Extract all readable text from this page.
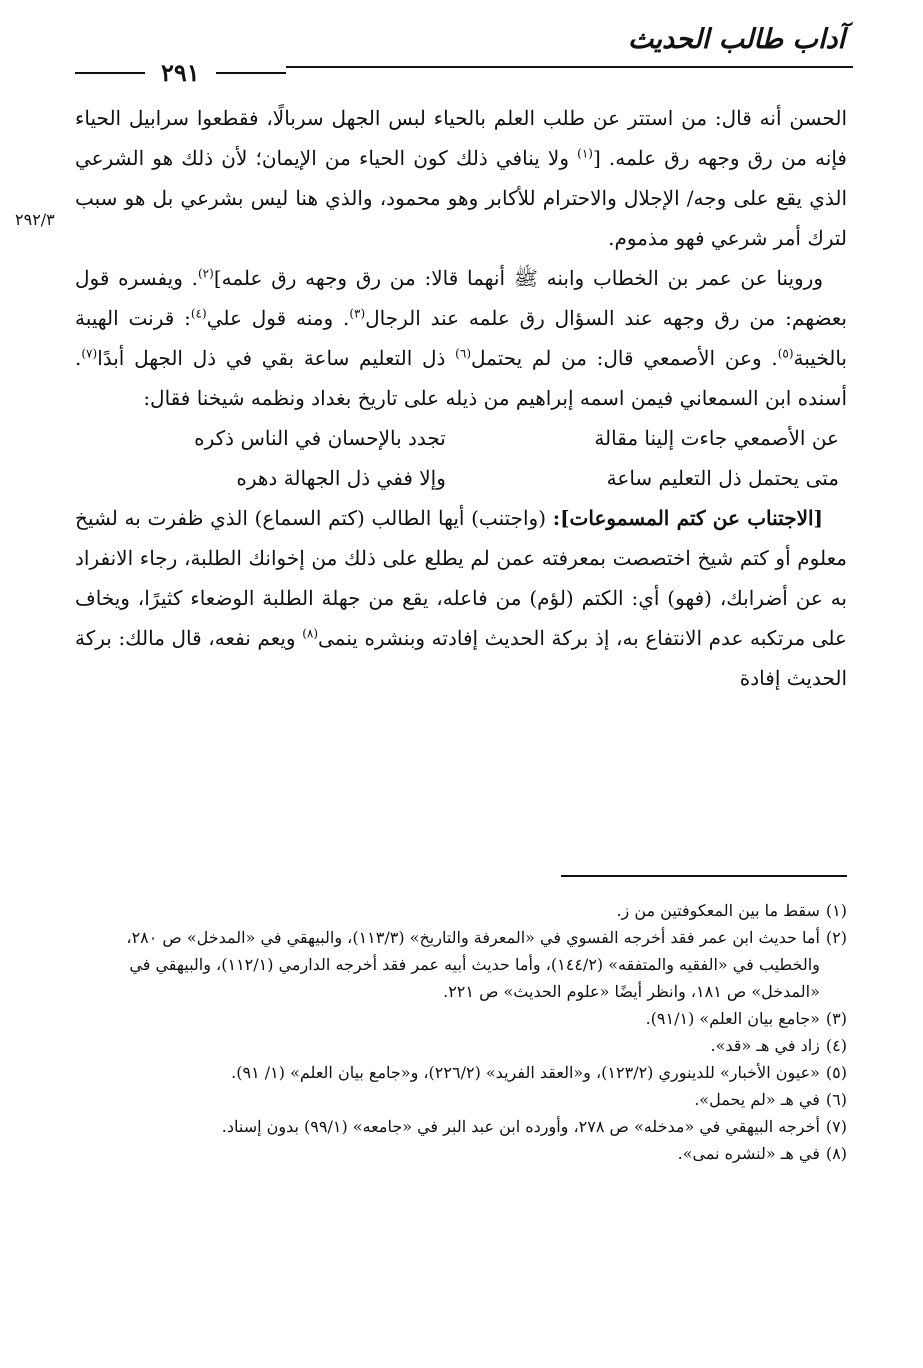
آداب طالب الحديث
٢٩١
٢٩٢/٣

الحسن أنه قال: من استتر عن طلب العلم بالحياء لبس الجهل سربالًا، فقطعوا سرابيل الحياء فإنه من رق وجهه رق علمه. [$^{(١)}$ ولا ينافي ذلك كون الحياء من الإيمان؛ لأن ذلك هو الشرعي الذي يقع على وجه/ الإجلال والاحترام للأكابر وهو محمود، والذي هنا ليس بشرعي بل هو سبب لترك أمر شرعي فهو مذموم.

وروينا عن عمر بن الخطاب وابنه ﷺ أنهما قالا: من رق وجهه رق علمه]$^{(٢)}$. ويفسره قول بعضهم: من رق وجهه عند السؤال رق علمه عند الرجال$^{(٣)}$. ومنه قول علي$^{(٤)}$: قرنت الهيبة بالخيبة$^{(٥)}$. وعن الأصمعي قال: من لم يحتمل$^{(٦)}$ ذل التعليم ساعة بقي في ذل الجهل أبدًا$^{(٧)}$. أسنده ابن السمعاني فيمن اسمه إبراهيم من ذيله على تاريخ بغداد ونظمه شيخنا فقال:

عن الأصمعي جاءت إلينا مقالة
تجدد بالإحسان في الناس ذكره
متى يحتمل ذل التعليم ساعة
وإلا ففي ذل الجهالة دهره

[الاجتناب عن كتم المسموعات]: (واجتنب) أيها الطالب (كتم السماع) الذي ظفرت به لشيخ معلوم أو كتم شيخ اختصصت بمعرفته عمن لم يطلع على ذلك من إخوانك الطلبة، رجاء الانفراد به عن أضرابك، (فهو) أي: الكتم (لؤم) من فاعله، يقع من جهلة الطلبة الوضعاء كثيرًا، ويخاف على مرتكبه عدم الانتفاع به، إذ بركة الحديث إفادته وبنشره ينمى$^{(٨)}$ ويعم نفعه، قال مالك: بركة الحديث إفادة

(١)
سقط ما بين المعكوفتين من ز.
(٢)
أما حديث ابن عمر فقد أخرجه الفسوي في «المعرفة والتاريخ» (١١٣/٣)، والبيهقي في «المدخل» ص ٢٨٠، والخطيب في «الفقيه والمتفقه» (١٤٤/٢)، وأما حديث أبيه عمر فقد أخرجه الدارمي (١١٢/١)، والبيهقي في «المدخل» ص ١٨١، وانظر أيضًا «علوم الحديث» ص ٢٢١.
(٣)
«جامع بيان العلم» (٩١/١).
(٤)
زاد في هـ «قد».
(٥)
«عيون الأخبار» للدينوري (١٢٣/٢)، و«العقد الفريد» (٢٢٦/٢)، و«جامع بيان العلم» (١/ ٩١).
(٦)
في هـ «لم يحمل».
(٧)
أخرجه البيهقي في «مدخله» ص ٢٧٨، وأورده ابن عبد البر في «جامعه» (٩٩/١) بدون إسناد.
(٨)
في هـ «لنشره نمى».
